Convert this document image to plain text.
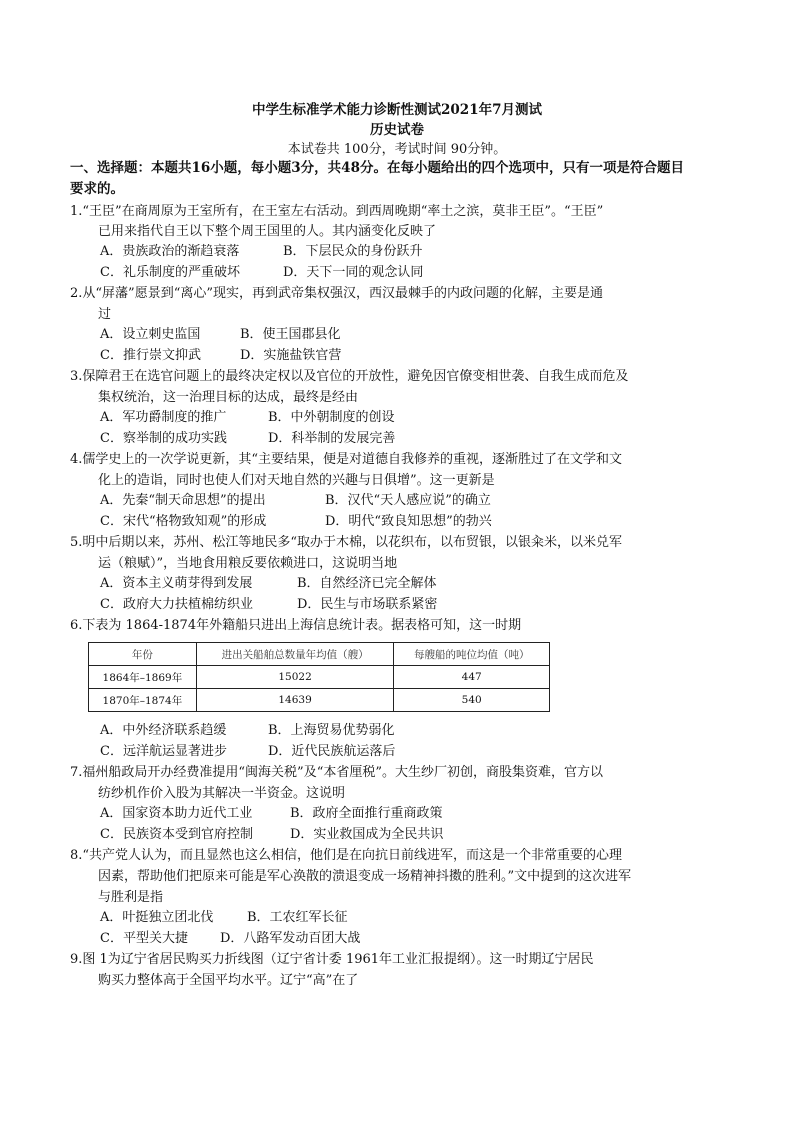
中学生标准学术能力诊断性测试2021年7月测试
历史试卷
本试卷共 100分，考试时间 90分钟。
一、选择题：本题共16小题，每小题3分，共48分。在每小题给出的四个选项中，只有一项是符合题目
要求的。
1.“王臣”在商周原为王室所有，在王室左右活动。到西周晚期“率土之滨，莫非王臣”。“王臣”
已用来指代自王以下整个周王国里的人。其内涵变化反映了
A．贵族政治的渐趋衰落	B．下层民众的身份跃升
C．礼乐制度的严重破坏	D．天下一同的观念认同
2.从“屏藩”愿景到“离心”现实，再到武帝集权强汉，西汉最棘手的内政问题的化解，主要是通
过
A．设立刺史监国	B．使王国郡县化
C．推行崇文抑武	D．实施盐铁官营
3.保障君王在选官问题上的最终决定权以及官位的开放性，避免因官僚变相世袭、自我生成而危及
集权统治，这一治理目标的达成，最终是经由
A．军功爵制度的推广	B．中外朝制度的创设
C．察举制的成功实践	D．科举制的发展完善
4.儒学史上的一次学说更新，其“主要结果，便是对道德自我修养的重视，逐渐胜过了在文学和文
化上的造诣，同时也使人们对天地自然的兴趣与日俱增”。这一更新是
A．先秦“制天命思想”的提出	B．汉代“天人感应说”的确立
C．宋代“格物致知观”的形成	D．明代“致良知思想”的勃兴
5.明中后期以来，苏州、松江等地民多“取办于木棉，以花织布，以布贸银，以银籴米，以米兑军
运（粮赋）”，当地食用粮反要依赖进口，这说明当地
A．资本主义萌芽得到发展	B．自然经济已完全解体
C．政府大力扶植棉纺织业	D．民生与市场联系紧密
6.下表为 1864-1874年外籍船只进出上海信息统计表。据表格可知，这一时期
年份	进出关船舶总数量年均值（艘）	每艘船的吨位均值（吨）
1864年–1869年	15022	447
1870年–1874年	14639	540
A．中外经济联系趋缓	B．上海贸易优势弱化
C．远洋航运显著进步	D．近代民族航运落后
7.福州船政局开办经费准提用“闽海关税”及“本省厘税”。大生纱厂初创，商股集资难，官方以
纺纱机作价入股为其解决一半资金。这说明
A．国家资本助力近代工业	B．政府全面推行重商政策
C．民族资本受到官府控制	D．实业救国成为全民共识
8.“共产党人认为，而且显然也这么相信，他们是在向抗日前线进军，而这是一个非常重要的心理
因素，帮助他们把原来可能是军心涣散的溃退变成一场精神抖擞的胜利。”文中提到的这次进军
与胜利是指
A．叶挺独立团北伐	B．工农红军长征
C．平型关大捷 D．八路军发动百团大战
9.图 1为辽宁省居民购买力折线图（辽宁省计委 1961年工业汇报提纲）。这一时期辽宁居民
购买力整体高于全国平均水平。辽宁“高”在了
